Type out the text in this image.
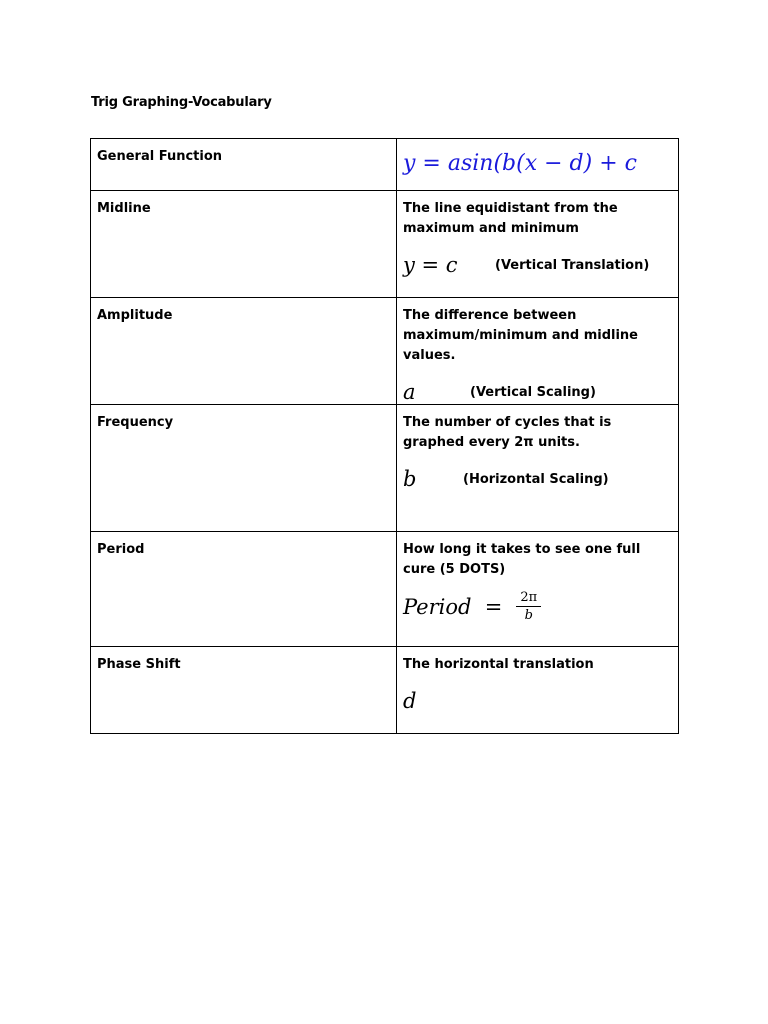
Trig Graphing-Vocabulary
General Function	y = asin(b(x − d) + c

Midline	The line equidistant from the maximum and minimum
y = c (Vertical Translation)

Amplitude	The difference between maximum/minimum and midline values.
a (Vertical Scaling)

Frequency	The number of cycles that is graphed every 2π units.
b (Horizontal Scaling)

Period	How long it takes to see one full cure (5 DOTS)
Period  = $\frac{2\pi}{b}$

Phase Shift	The horizontal translation
d
